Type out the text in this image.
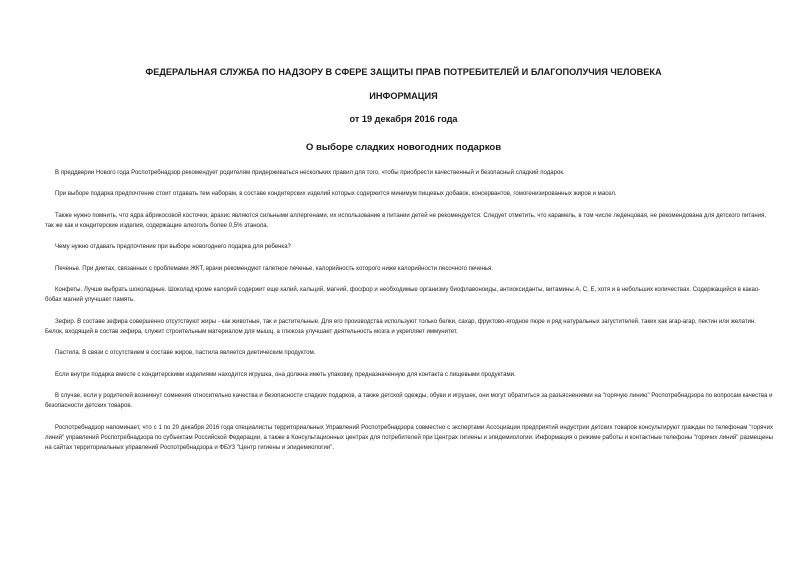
ФЕДЕРАЛЬНАЯ СЛУЖБА ПО НАДЗОРУ В СФЕРЕ ЗАЩИТЫ ПРАВ ПОТРЕБИТЕЛЕЙ И БЛАГОПОЛУЧИЯ ЧЕЛОВЕКА
ИНФОРМАЦИЯ
от 19 декабря 2016 года
О выборе сладких новогодних подарков

В преддверии Нового года Роспотребнадзор рекомендует родителям придерживаться нескольких правил для того, чтобы приобрести качественный и безопасный сладкий подарок.

При выборе подарка предпочтение стоит отдавать тем наборам, в составе кондитерских изделий которых содержится минимум пищевых добавок, консервантов, гомогенизированных жиров и масел.

Также нужно помнить, что ядра абрикосовой косточки, арахис являются сильными аллергенами, их использование в питании детей не рекомендуется. Следует отметить, что карамель, в том числе леденцовая, не рекомендована для детского питания, так же как и кондитерские изделия, содержащие алкоголь более 0,5% этанола.

Чему нужно отдавать предпочтение при выборе новогоднего подарка для ребенка?

Печенье. При диетах, связанных с проблемами ЖКТ, врачи рекомендуют галетное печенье, калорийность которого ниже калорийности песочного печенья.

Конфеты. Лучше выбрать шоколадные. Шоколад кроме калорий содержит еще калий, кальций, магний, фосфор и необходимые организму биофлавоноиды, антиоксиданты, витамины A, C, E, хотя и в небольших количествах. Содержащийся в какао-бобах магний улучшает память.

Зефир. В составе зефира совершенно отсутствуют жиры - как животные, так и растительные. Для его производства используют только белки, сахар, фруктово-ягодное пюре и ряд натуральных загустителей, таких как агар-агар, пектин или желатин. Белок, входящий в состав зефира, служит строительным материалом для мышц, а глюкоза улучшает деятельность мозга и укрепляет иммунитет.

Пастила. В связи с отсутствием в составе жиров, пастила является диетическим продуктом.

Если внутри подарка вместе с кондитерскими изделиями находится игрушка, она должна иметь упаковку, предназначенную для контакта с пищевыми продуктами.

В случае, если у родителей возникнут сомнения относительно качества и безопасности сладких подарков, а также детской одежды, обуви и игрушек, они могут обратиться за разъяснениями на "горячую линию" Роспотребнадзора по вопросам качества и безопасности детских товаров.

Роспотребнадзор напоминает, что с 1 по 20 декабря 2016 года специалисты территориальных Управлений Роспотребнадзора совместно с экспертами Ассоциации предприятий индустрии детских товаров консультируют граждан по телефонам "горячих линий" управлений Роспотребнадзора по субъектам Российской Федерации, а также в Консультационных центрах для потребителей при Центрах гигиены и эпидемиологии. Информация о режиме работы и контактные телефоны "горячих линий" размещены на сайтах территориальных управлений Роспотребнадзора и ФБУЗ "Центр гигиены и эпидемиологии".
